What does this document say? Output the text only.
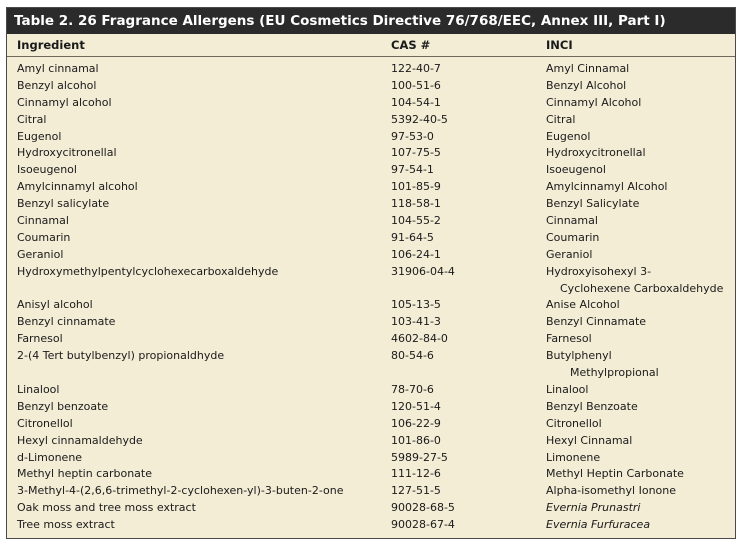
Table 2. 26 Fragrance Allergens (EU Cosmetics Directive 76/768/EEC, Annex III, Part I)
Ingredient	CAS #	INCI
Amyl cinnamal	122-40-7	Amyl Cinnamal
Benzyl alcohol	100-51-6	Benzyl Alcohol
Cinnamyl alcohol	104-54-1	Cinnamyl Alcohol
Citral	5392-40-5	Citral
Eugenol	97-53-0	Eugenol
Hydroxycitronellal	107-75-5	Hydroxycitronellal
Isoeugenol	97-54-1	Isoeugenol
Amylcinnamyl alcohol	101-85-9	Amylcinnamyl Alcohol
Benzyl salicylate	118-58-1	Benzyl Salicylate
Cinnamal	104-55-2	Cinnamal
Coumarin	91-64-5	Coumarin
Geraniol	106-24-1	Geraniol
Hydroxymethylpentylcyclohexecarboxaldehyde	31906-04-4	Hydroxyisohexyl 3-
Cyclohexene Carboxaldehyde
Anisyl alcohol	105-13-5	Anise Alcohol
Benzyl cinnamate	103-41-3	Benzyl Cinnamate
Farnesol	4602-84-0	Farnesol
2-(4 Tert butylbenzyl) propionaldhyde	80-54-6	Butylphenyl
Methylpropional
Linalool	78-70-6	Linalool
Benzyl benzoate	120-51-4	Benzyl Benzoate
Citronellol	106-22-9	Citronellol
Hexyl cinnamaldehyde	101-86-0	Hexyl Cinnamal
d-Limonene	5989-27-5	Limonene
Methyl heptin carbonate	111-12-6	Methyl Heptin Carbonate
3-Methyl-4-(2,6,6-trimethyl-2-cyclohexen-yl)-3-buten-2-one	127-51-5	Alpha-isomethyl Ionone
Oak moss and tree moss extract	90028-68-5	Evernia Prunastri
Tree moss extract	90028-67-4	Evernia Furfuracea
